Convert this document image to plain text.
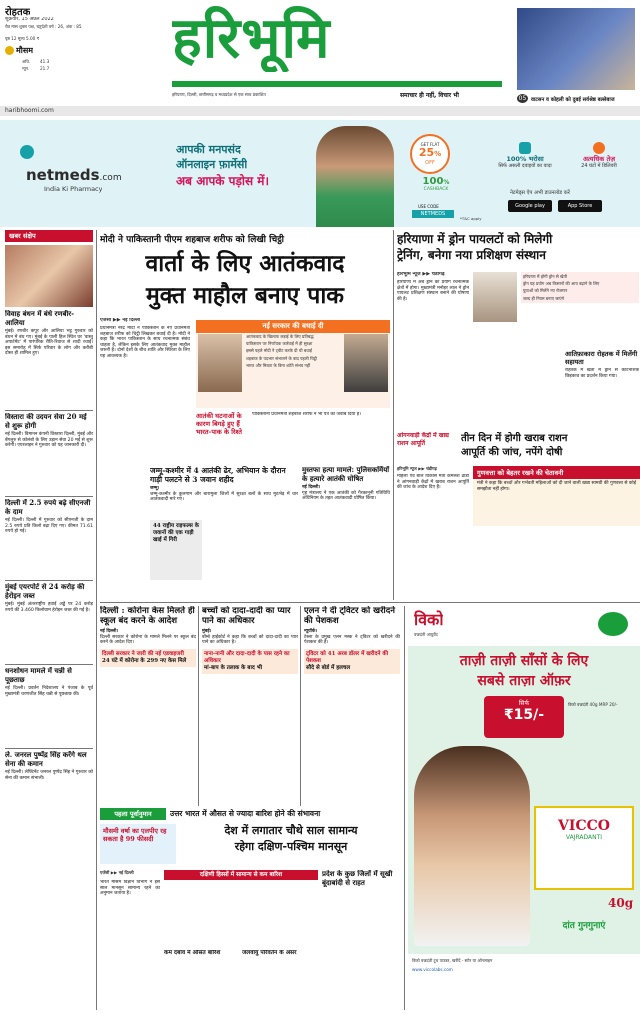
रोहतक
शुक्रवार, 15 अप्रैल 2022
चैत्र मास शुक्ल पक्ष, चतुर्दशी वर्ष : 26, अंक : 85
पृष्ठ 12 मूल्य 5.00 ₹
मौसम
अधि. 41.3
न्यून.	21.7
haribhoomi.com
हरिभूमि
हरियाणा, दिल्ली, छत्तीसगढ़ व मध्यप्रदेश से एक साथ प्रकाशित	समाचार ही नहीं, विचार भी	05 वाटसन व कोहली को दुबई सर्वश्रेष्ठ बल्लेबाज
netmeds.com
India Ki Pharmacy
आपकी मनपसंद
ऑनलाइन फ़ार्मेसी
अब आपके पड़ोस में।
GET FLAT
25%
OFF
100%
CASHBACK
USE CODE
NETMEDS
*T&C apply
100% भरोसा
सिर्फ असली दवाइयों का वादा
अत्यधिक तेज़
24 घंटों में डिलिवरी
नेटमेड्स ऐप अभी डाउनलोड करें
Google play	App Store
खबर संक्षेप
विवाह बंधन में बंधे रणबीर-आलिया
मुंबई। रणबीर कपूर और आलिया भट्ट गुरुवार को बंधन में बंध गए। मुंबई के पाली हिल स्थित घर 'वास्तु अपार्टमेंट' में पारंपरिक रीति-रिवाज से शादी रचाई। इस समारोह में सिर्फ परिवार के लोग और करीबी दोस्त ही शामिल हुए।
विस्तारा की उदयन सेवा 20 मई से शुरू होगी
नई दिल्ली। विमानन कंपनी विस्तारा दिल्ली, मुंबई और बेंगलुरु से कोलंबो के लिए उड़ान सेवा 20 मई से शुरू करेगी। एयरलाइन ने गुरुवार को यह जानकारी दी।
दिल्ली में 2.5 रुपये बढ़े सीएनजी के दाम
नई दिल्ली। दिल्ली में गुरुवार को सीएनजी के दाम 2.5 रुपये प्रति किलो बढ़ा दिए गए। कीमत 71.61 रुपये हो गई।
मुंबई एयरपोर्ट से 24 करोड़ की हेरोइन जब्त
मुंबई। मुंबई अंतरराष्ट्रीय हवाई अड्डे पर 24 करोड़ रुपये की 3.460 किलोग्राम हेरोइन जब्त की गई है।
धनशोधन मामले में चन्नी से पूछताछ
नई दिल्ली। प्रवर्तन निदेशालय ने पंजाब के पूर्व मुख्यमंत्री चरणजीत सिंह चन्नी से पूछताछ की।
ले. जनरल पुष्पेंद्र सिंह करेंगे थल सेना की कमान
नई दिल्ली। लेफ्टिनेंट जनरल पुष्पेंद्र सिंह ने गुरुवार को सेना की कमान संभाली।
मोदी ने पाकिस्तानी पीएम शहबाज शरीफ को लिखी चिट्ठी
वार्ता के लिए आतंकवाद
मुक्त माहौल बनाए पाक
एजेंसी ▶▶ नई दिल्ली
प्रधानमंत्री नरेंद्र मोदी ने पाकिस्तान के नए प्रधानमंत्री शहबाज शरीफ को चिट्ठी लिखकर बधाई दी है। मोदी ने कहा कि भारत पाकिस्तान के साथ रचनात्मक संबंध चाहता है, लेकिन इसके लिए आतंकवाद मुक्त माहौल जरूरी है। दोनों देशों के बीच शांति और स्थिरता के लिए यह आवश्यक है।
नई सरकार की बधाई दी
आतंकवाद के खिलाफ लड़ाई के लिए प्रतिबद्ध
पाकिस्तान पर निर्णायक कार्रवाई में ही सुरक्षा
इससे पहले मोदी ने ट्वीट करके दी थी बधाई
शहबाज के पदभार संभालने के बाद पहली चिट्ठी
भारत और मित्रता के बिना शांति संभव नहीं
आतंकी घटनाओं के कारण बिगड़े हुए हैं भारत-पाक के रिश्ते
पाकिस्तानी प्रधानमंत्री शहबाज शरीफ ने भी पत्र का जवाब दिया है।
जम्मू-कश्मीर में 4 आतंकी ढेर, अभियान के दौरान गाड़ी पलटने से 3 जवान शहीद
जम्मू।
जम्मू-कश्मीर के कुलगाम और बारामुला जिलों में सुरक्षा बलों के साथ मुठभेड़ में चार आतंकवादी मारे गए।
44 राष्ट्रीय राइफल्स के जवानों की एक गाड़ी खाई में गिरी
मुस्तफा हत्या मामले: पुलिसकर्मियों के हत्यारे आतंकी घोषित
नई दिल्ली।
गृह मंत्रालय ने एक आतंकी को गैरकानूनी गतिविधि अधिनियम के तहत आतंकवादी घोषित किया।
हरियाणा में ड्रोन पायलटों को मिलेगी
ट्रेनिंग, बनेगा नया प्रशिक्षण संस्थान
हरिभूमि न्यूज ▶▶ चंडीगढ़
हरियाणा में अब ड्रोन का प्रयोग रचनात्मक क्षेत्रों में होगा। मुख्यमंत्री मनोहर लाल ने ड्रोन पायलट प्रशिक्षण संस्थान बनाने की घोषणा की है।
हरियाणा में होगी ड्रोन से खेती
ड्रोन यह प्रयोग अब किसानों की आय बढ़ाने के लिए
युवाओं को मिलेंगे नए रोजगार
जल्द ही नियम बनाए जाएंगे
आतिफ़ाकारा रोहतक में मिलेंगी सहायता
रोहतक में खेतों में ड्रोन से कीटनाशक छिड़काव का प्रदर्शन किया गया।
आंगनवाड़ी केंद्रों में खाद्य राशन आपूर्ति	तीन दिन में होगी खराब राशन
आपूर्ति की जांच, नपेंगे दोषी
हरिभूमि न्यूज ▶▶ चंडीगढ़
महिला एवं बाल विकास मंत्री कमलेश ढांडा ने आंगनवाड़ी केंद्रों में खराब राशन आपूर्ति की जांच के आदेश दिए हैं।
गुणवत्ता को बेहतर रखने की चेतावनी
मंत्री ने कहा कि बच्चों और गर्भवती महिलाओं को दी जाने वाली खाद्य सामग्री की गुणवत्ता से कोई समझौता नहीं होगा।
दिल्ली : कोरोना केस मिलते ही स्कूल बंद करने के आदेश
नई दिल्ली।
दिल्ली सरकार ने कोरोना के मामले मिलने पर स्कूल बंद करने के आदेश दिए।
दिल्ली सरकार ने जारी की नई एडवाइजरी
24 घंटे में कोरोना के 299 नए केस मिले
बच्चों को दादा-दादी का प्यार पाने का अधिकार
मुंबई।
बॉम्बे हाईकोर्ट ने कहा कि बच्चों को दादा-दादी का प्यार पाने का अधिकार है।
नाना-नानी और दादा-दादी के पास रहने का अधिकार
मां-बाप के तलाक के बाद भी
एलन ने दी ट्विटर को खरीदने की पेशकश
न्यूयॉर्क।
टेस्ला के प्रमुख एलन मस्क ने ट्विटर को खरीदने की पेशकश की है।
ट्विटर को 41 अरब डॉलर में खरीदने की पेशकश
सौदे से बोर्ड में हलचल
पहला पूर्वानुमान	उत्तर भारत में औसत से ज्यादा बारिश होने की संभावना
मौसमी वर्षा का एलपीए रह सकता है 99 फीसदी
देश में लगातार चौथे साल सामान्य
रहेगा दक्षिण-पश्चिम मानसून
एजेंसी ▶▶ नई दिल्ली	दक्षिणी हिस्सों में सामान्य से कम बारिश
भारत मौसम विज्ञान विभाग ने इस साल मानसून सामान्य रहने का अनुमान जताया है।
कम दबाव में औसत बारिश	जलवायु परिवर्तन के असर
प्रदेश के कुछ जिलों में सूखी बूंदाबांदी से राहत
विको
वज्रदंती आयुर्वेद
ताज़ी ताज़ी साँसों के लिए
सबसे ताज़ा ऑफ़र
सिर्फ
₹15/-
विको वज्रदंती 40g MRP 20/-
VICCO
VAJRADANTI
40g
दांत गुनगुनाएं
विको वज्रदंती टूथ पाउडर, खरीदें - स्टोर या ऑनलाइन
www.viccolabs.com
